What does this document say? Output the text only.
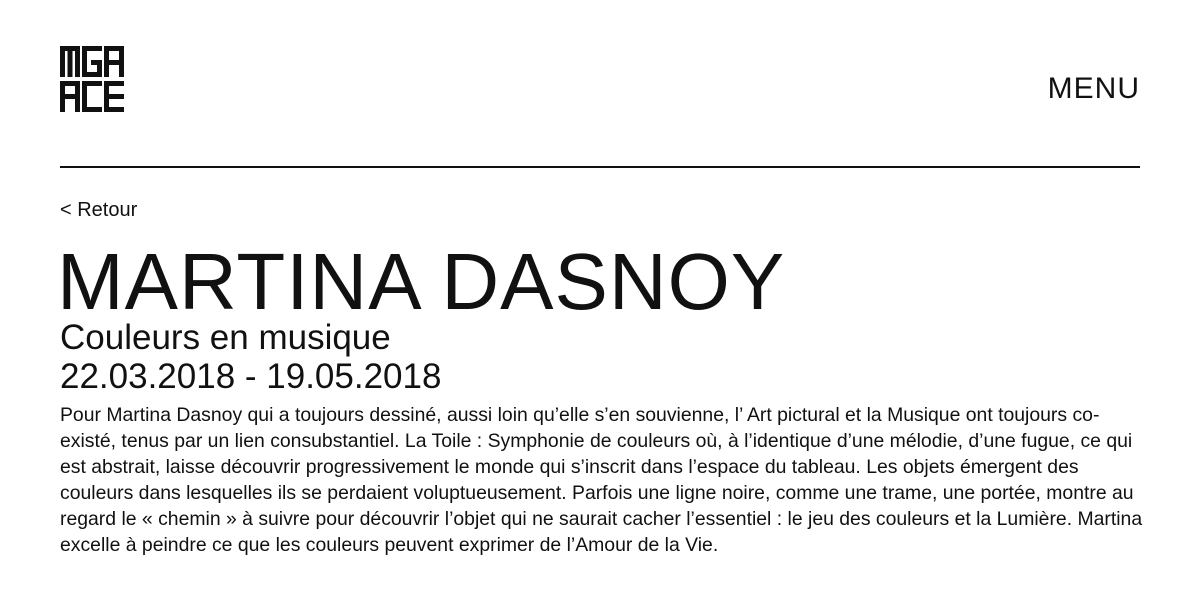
MENU
< Retour
MARTINA DASNOY
Couleurs en musique
22.03.2018 - 19.05.2018

Pour Martina Dasnoy qui a toujours dessiné, aussi loin qu’elle s’en souvienne, l’ Art pictural et la Musique ont toujours co-existé, tenus par un lien consubstantiel. La Toile : Symphonie de couleurs où, à l’identique d’une mélodie, d’une fugue, ce qui est abstrait, laisse découvrir progressivement le monde qui s’inscrit dans l’espace du tableau. Les objets émergent des couleurs dans lesquelles ils se perdaient voluptueusement. Parfois une ligne noire, comme une trame, une portée, montre au regard le « chemin » à suivre pour découvrir l’objet qui ne saurait cacher l’essentiel : le jeu des couleurs et la Lumière. Martina excelle à peindre ce que les couleurs peuvent exprimer de l’Amour de la Vie.
